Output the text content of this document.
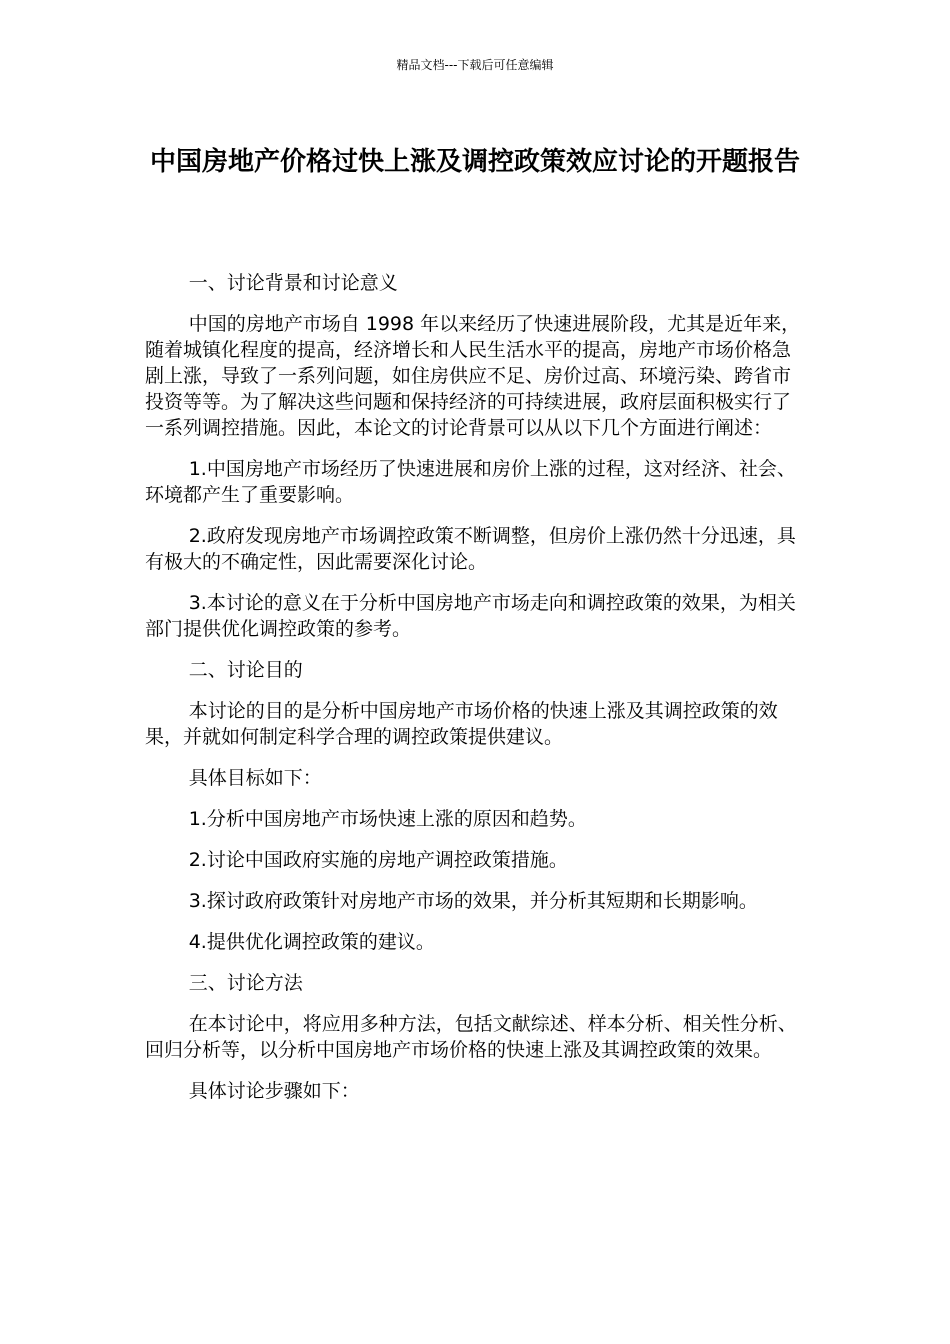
精品文档---下载后可任意编辑
中国房地产价格过快上涨及调控政策效应讨论的开题报告

一、讨论背景和讨论意义

中国的房地产市场自 1998 年以来经历了快速进展阶段，尤其是近年来，随着城镇化程度的提高，经济增长和人民生活水平的提高，房地产市场价格急剧上涨，导致了一系列问题，如住房供应不足、房价过高、环境污染、跨省市投资等等。为了解决这些问题和保持经济的可持续进展，政府层面积极实行了一系列调控措施。因此，本论文的讨论背景可以从以下几个方面进行阐述：

1.中国房地产市场经历了快速进展和房价上涨的过程，这对经济、社会、环境都产生了重要影响。

2.政府发现房地产市场调控政策不断调整，但房价上涨仍然十分迅速，具有极大的不确定性，因此需要深化讨论。

3.本讨论的意义在于分析中国房地产市场走向和调控政策的效果，为相关部门提供优化调控政策的参考。

二、讨论目的

本讨论的目的是分析中国房地产市场价格的快速上涨及其调控政策的效果，并就如何制定科学合理的调控政策提供建议。

具体目标如下：

1.分析中国房地产市场快速上涨的原因和趋势。

2.讨论中国政府实施的房地产调控政策措施。

3.探讨政府政策针对房地产市场的效果，并分析其短期和长期影响。

4.提供优化调控政策的建议。

三、讨论方法

在本讨论中，将应用多种方法，包括文献综述、样本分析、相关性分析、回归分析等，以分析中国房地产市场价格的快速上涨及其调控政策的效果。

具体讨论步骤如下：
